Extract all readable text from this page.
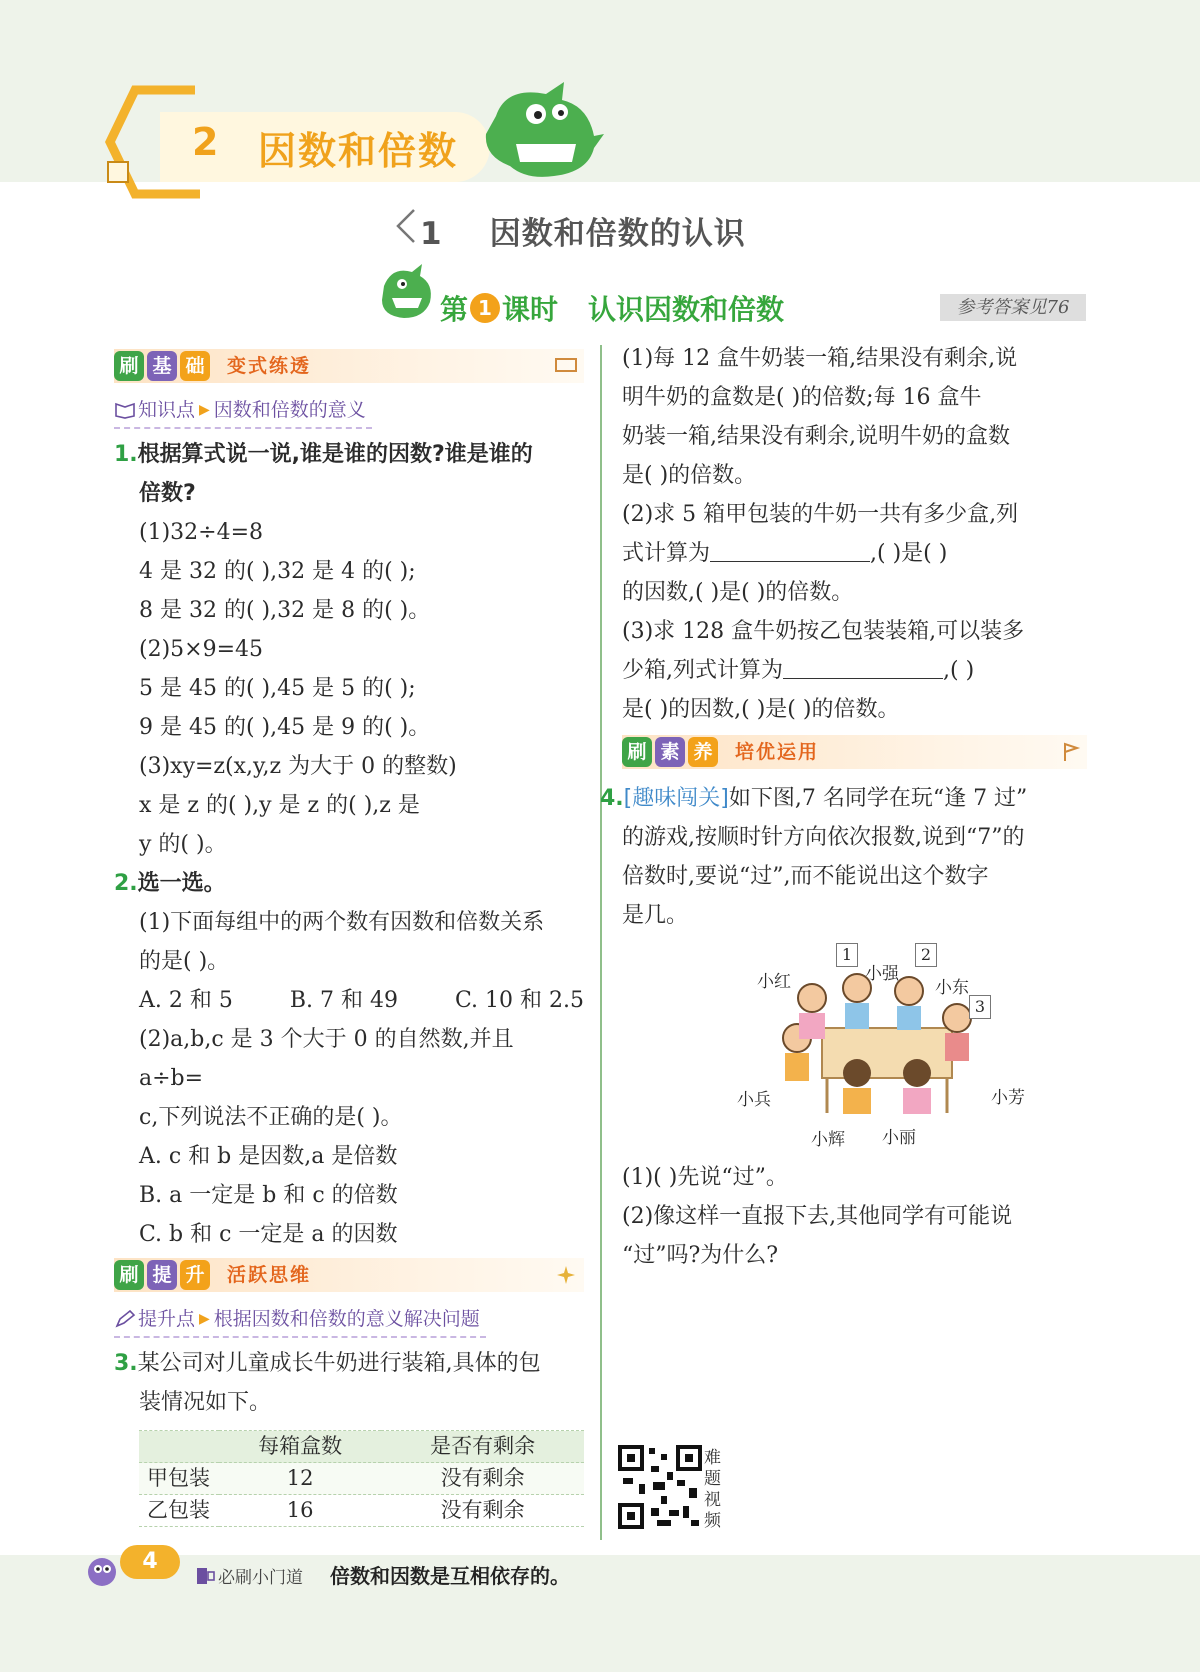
2 因数和倍数
1 因数和倍数的认识
第 1 课时 认识因数和倍数	参考答案见76
刷 基 础 变式练透
知识点 ▶ 因数和倍数的意义

1.根据算式说一说,谁是谁的因数?谁是谁的

倍数?

(1)32÷4=8

4 是 32 的( ),32 是 4 的( );

8 是 32 的( ),32 是 8 的( )。

(2)5×9=45

5 是 45 的( ),45 是 5 的( );

9 是 45 的( ),45 是 9 的( )。

(3)xy=z(x,y,z 为大于 0 的整数)

x 是 z 的( ),y 是 z 的( ),z 是

y 的( )。

2.选一选。

(1)下面每组中的两个数有因数和倍数关系

的是( )。

A. 2 和 5	B. 7 和 49	C. 10 和 2.5

(2)a,b,c 是 3 个大于 0 的自然数,并且 a÷b=

c,下列说法不正确的是( )。

A. c 和 b 是因数,a 是倍数

B. a 一定是 b 和 c 的倍数

C. b 和 c 一定是 a 的因数

刷 提 升 活跃思维
提升点 ▶ 根据因数和倍数的意义解决问题

3.某公司对儿童成长牛奶进行装箱,具体的包

装情况如下。

	每箱盒数	是否有剩余
甲包装	12	没有剩余
乙包装	16	没有剩余

(1)每 12 盒牛奶装一箱,结果没有剩余,说

明牛奶的盒数是( )的倍数;每 16 盒牛

奶装一箱,结果没有剩余,说明牛奶的盒数

是( )的倍数。

(2)求 5 箱甲包装的牛奶一共有多少盒,列

式计算为	,( )是( )

的因数,( )是( )的倍数。

(3)求 128 盒牛奶按乙包装装箱,可以装多

少箱,列式计算为	,( )

是( )的因数,( )是( )的倍数。

刷 素 养 培优运用

4.[趣味闯关]如下图,7 名同学在玩“逢 7 过”

的游戏,按顺时针方向依次报数,说到“7”的

倍数时,要说“过”,而不能说出这个数字

是几。

1	2
3
小红	小强
小东
小兵	小芳
小辉 小丽

(1)( )先说“过”。

(2)像这样一直报下去,其他同学有可能说

“过”吗?为什么?

难题视频
4
必刷小门道 倍数和因数是互相依存的。
